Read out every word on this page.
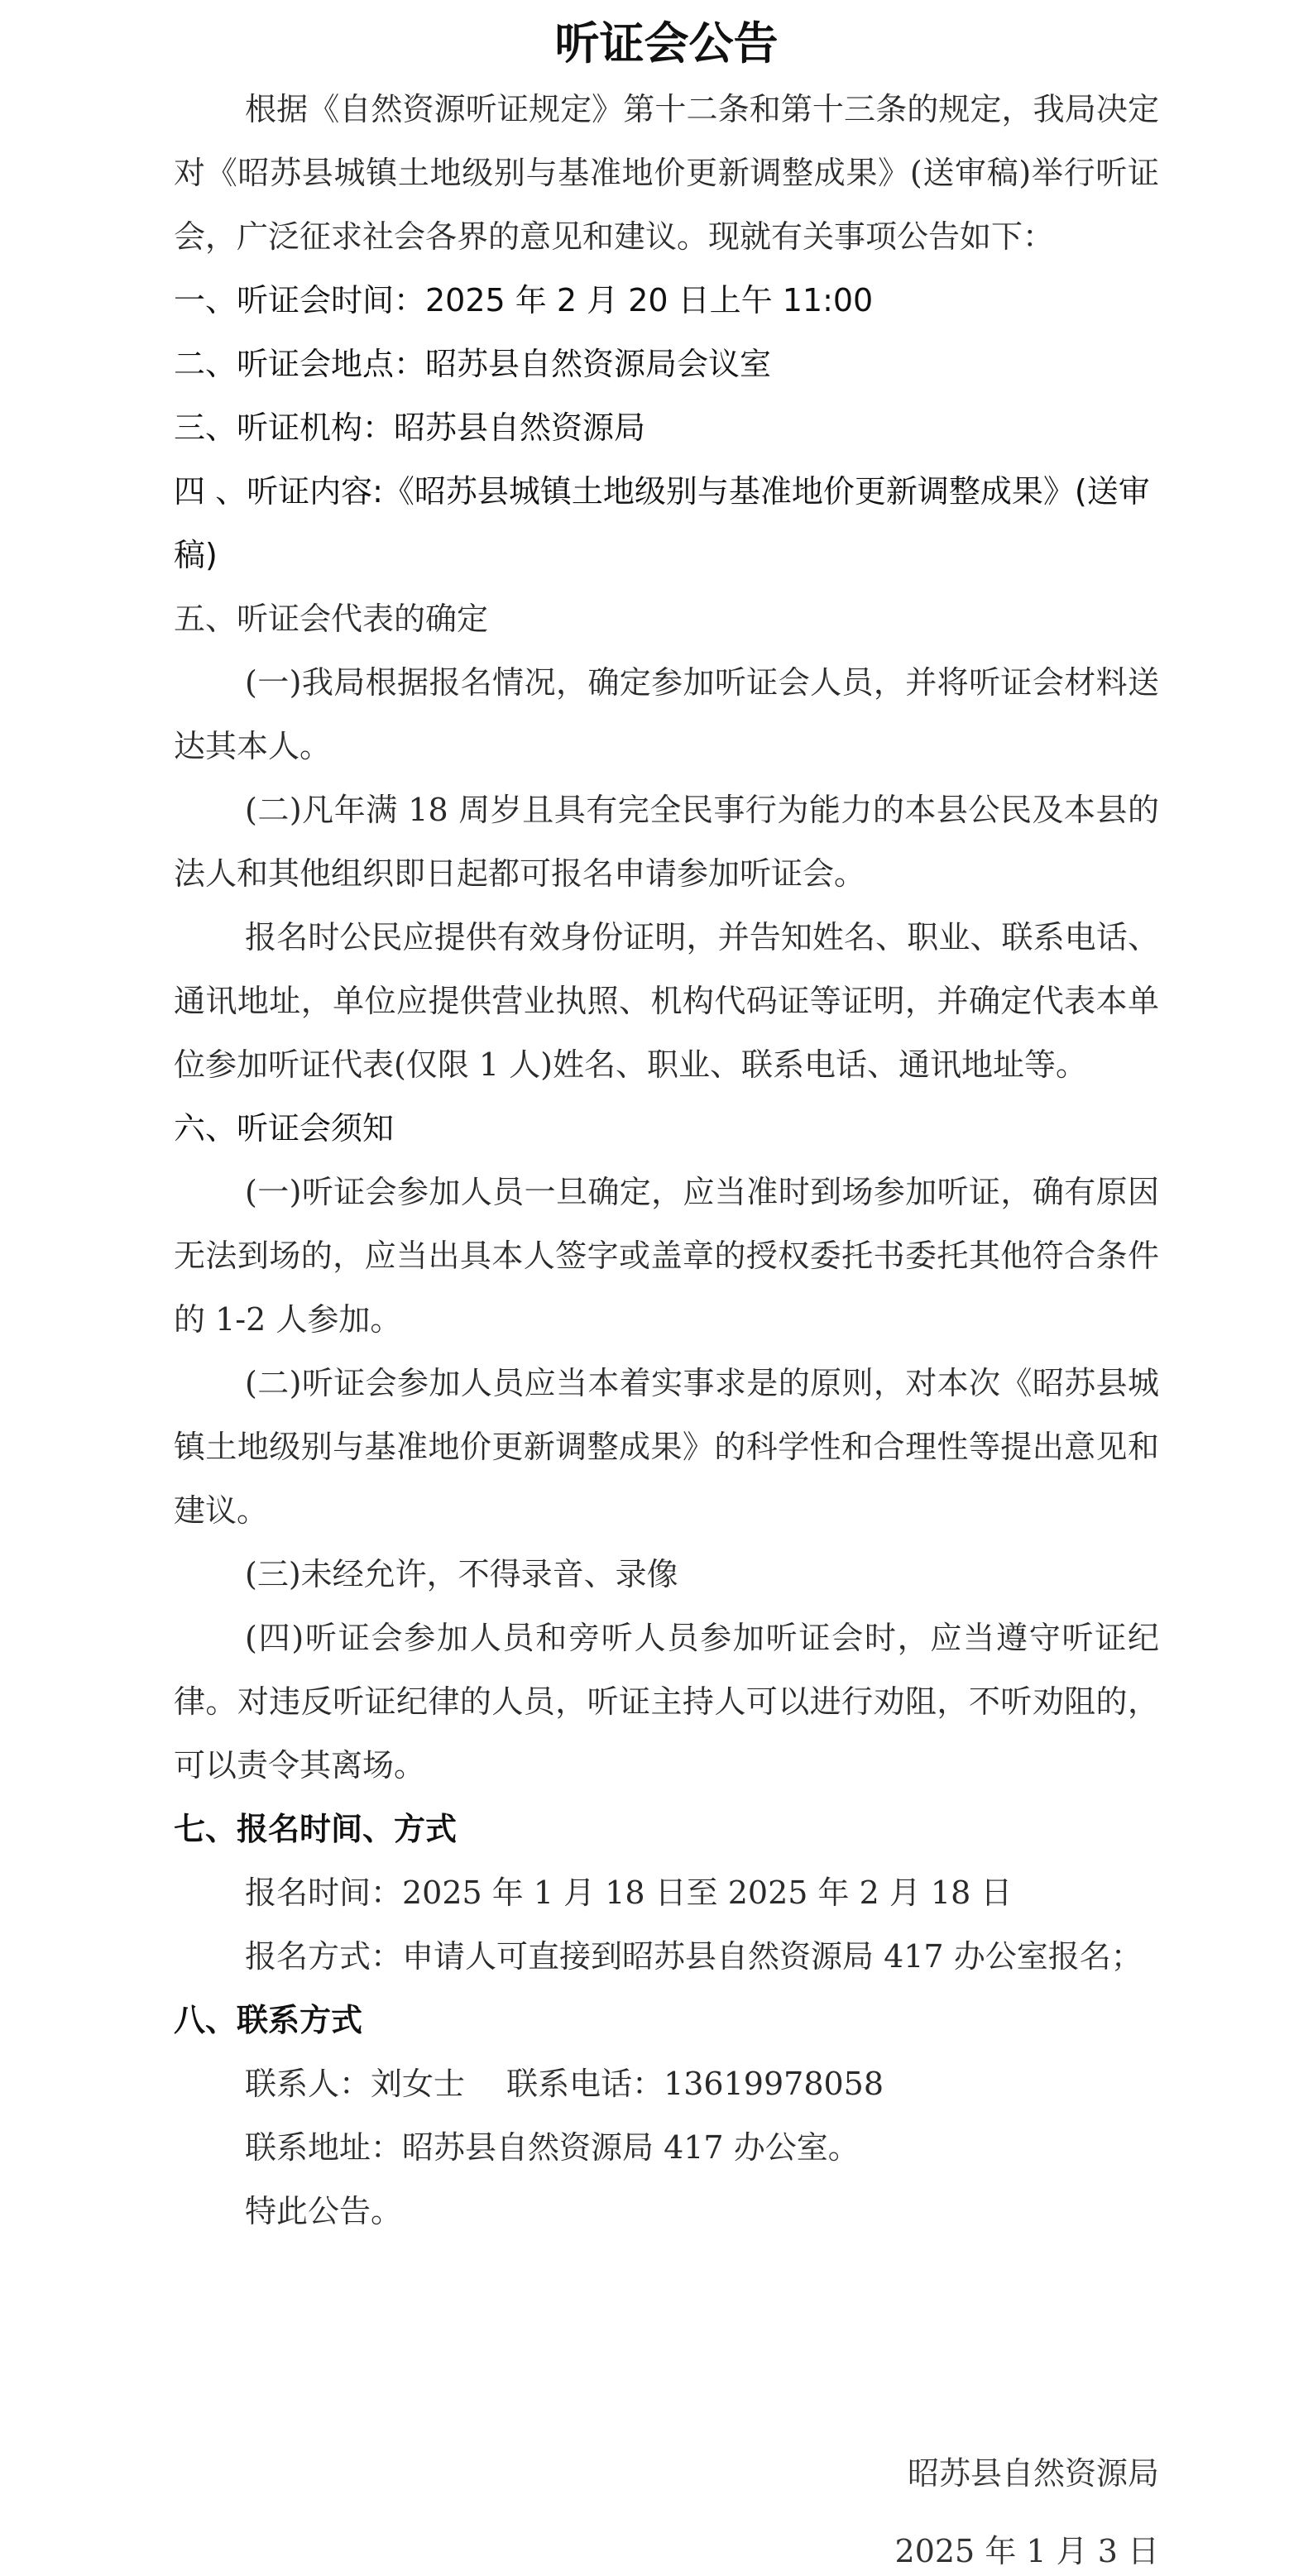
听证会公告

根据《自然资源听证规定》第十二条和第十三条的规定，我局决定对《昭苏县城镇土地级别与基准地价更新调整成果》(送审稿)举行听证会，广泛征求社会各界的意见和建议。现就有关事项公告如下：

一、听证会时间：2025 年 2 月 20 日上午 11:00

二、听证会地点：昭苏县自然资源局会议室

三、听证机构：昭苏县自然资源局

四 、听证内容:《昭苏县城镇土地级别与基准地价更新调整成果》(送审稿)

五、听证会代表的确定

(一)我局根据报名情况，确定参加听证会人员，并将听证会材料送达其本人。

(二)凡年满 18 周岁且具有完全民事行为能力的本县公民及本县的法人和其他组织即日起都可报名申请参加听证会。

报名时公民应提供有效身份证明，并告知姓名、职业、联系电话、通讯地址，单位应提供营业执照、机构代码证等证明，并确定代表本单位参加听证代表(仅限 1 人)姓名、职业、联系电话、通讯地址等。

六、听证会须知

(一)听证会参加人员一旦确定，应当准时到场参加听证，确有原因无法到场的，应当出具本人签字或盖章的授权委托书委托其他符合条件的 1-2 人参加。

(二)听证会参加人员应当本着实事求是的原则，对本次《昭苏县城镇土地级别与基准地价更新调整成果》的科学性和合理性等提出意见和建议。

(三)未经允许，不得录音、录像

(四)听证会参加人员和旁听人员参加听证会时，应当遵守听证纪律。对违反听证纪律的人员，听证主持人可以进行劝阻，不听劝阻的，可以责令其离场。

七、报名时间、方式

报名时间：2025 年 1 月 18 日至 2025 年 2 月 18 日

报名方式：申请人可直接到昭苏县自然资源局 417 办公室报名；

八、联系方式

联系人：刘女士　 联系电话：13619978058

联系地址：昭苏县自然资源局 417 办公室。

特此公告。

昭苏县自然资源局
2025 年 1 月 3 日
